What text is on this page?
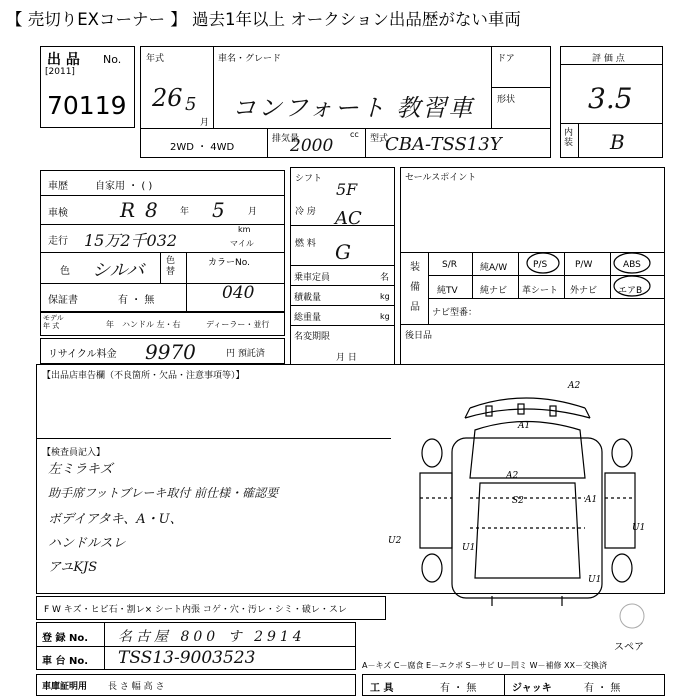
【 売切りEXコーナー 】 過去1年以上 オークション出品歴がない車両
出 品 No.
[2011]
70119
年式
26 5
月
車名・グレード
コンフォート 教習車
ドア
形状
2WD ・ 4WD
排気量
2000
cc 型式
CBA-TSS13Y
評 価 点
3.5
内 装 B
車歴	自家用 ・ ( )
車検	R 8 年 5	月
走行 15万2千032
km
マイル
色 シルバ 色 替
カラーNo.
040
保証書	有 ・ 無
モデル 年 式	年 ハンドル 左・右	ディーラー・並行
リサイクル料金 9970	円 預託済
シフト
5F
冷 房 AC
燃 料 G
乗車定員	名
積載量	kg
総重量	kg
名変期限
月 日
セールスポイント
装 備 品
S/R	純A/W	P/S	P/W	ABS
純TV 純ナビ 革シート 外ナビ エアB
ナビ型番：
後日品
【出品店車告欄（不良箇所・欠品・注意事項等）】
【検査員記入】
左ミラキズ
助手席フットブレーキ取付 前仕様・確認要
ボデイアタキ、A・U、
ハンドルスレ
アユKJS
A2
A1
A2
S2	A1
U1
U2
U1
U1
スペア
F W キズ・ヒビ石・割レ× シート内張 コゲ・穴・汚レ・シミ・破レ・スレ
登 録 No. 名古屋 800 す 2914
車 台 No. TSS13-9003523	A－キズ C－腐食 E－エクボ S－サビ U－凹ミ W－補修 XX－交換済
車庫証明用 長 さ 幅 高 さ	工 具	有 ・ 無	ジャッキ	有 ・ 無
